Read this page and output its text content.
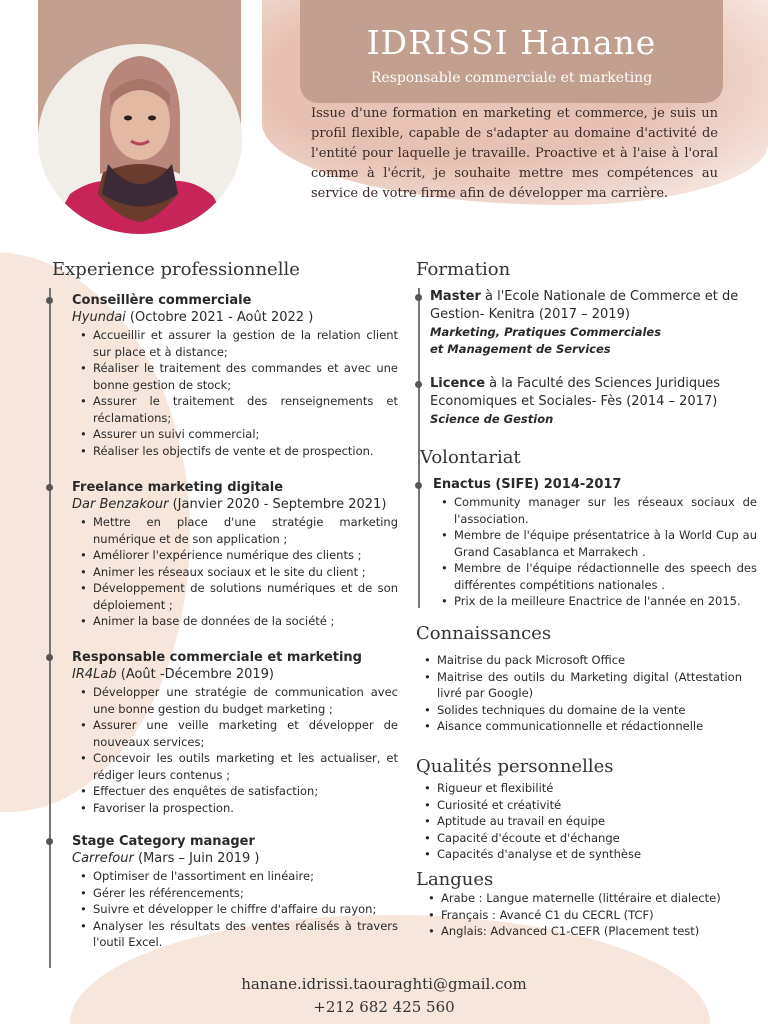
IDRISSI Hanane
Responsable commerciale et marketing
Issue d'une formation en marketing et commerce, je suis un profil flexible, capable de s'adapter au domaine d'activité de l'entité pour laquelle je travaille. Proactive et à l'aise à l'oral comme à l'écrit, je souhaite mettre mes compétences au service de votre firme afin de développer ma carrière.
Experience professionnelle
Conseillère commerciale
Hyundai (Octobre 2021 - Août 2022 )
• Accueillir et assurer la gestion de la relation client sur place et à distance;
• Réaliser le traitement des commandes et avec une bonne gestion de stock;
• Assurer le traitement des renseignements et réclamations;
• Assurer un suivi commercial;
• Réaliser les objectifs de vente et de prospection.
Freelance marketing digitale
Dar Benzakour (Janvier 2020 - Septembre 2021)
• Mettre en place d'une stratégie marketing numérique et de son application ;
• Améliorer l'expérience numérique des clients ;
• Animer les réseaux sociaux et le site du client ;
• Développement de solutions numériques et de son déploiement ;
• Animer la base de données de la société ;
Responsable commerciale et marketing
IR4Lab (Août -Décembre 2019)
• Développer une stratégie de communication avec une bonne gestion du budget marketing ;
• Assurer une veille marketing et développer de nouveaux services;
• Concevoir les outils marketing et les actualiser, et rédiger leurs contenus ;
• Effectuer des enquêtes de satisfaction;
• Favoriser la prospection.
Stage Category manager
Carrefour (Mars – Juin 2019 )
• Optimiser de l'assortiment en linéaire;
• Gérer les référencements;
• Suivre et développer le chiffre d'affaire du rayon;
• Analyser les résultats des ventes réalisés à travers l'outil Excel.
Formation
Master à l'Ecole Nationale de Commerce et de Gestion- Kenitra (2017 – 2019)
Marketing, Pratiques Commerciales et Management de Services
Licence à la Faculté des Sciences Juridiques Economiques et Sociales- Fès (2014 – 2017)
Science de Gestion
Volontariat
Enactus (SIFE) 2014-2017
• Community manager sur les réseaux sociaux de l'association.
• Membre de l'équipe présentatrice à la World Cup au Grand Casablanca et Marrakech .
• Membre de l'équipe rédactionnelle des speech des différentes compétitions nationales .
• Prix de la meilleure Enactrice de l'année en 2015.
Connaissances
• Maitrise du pack Microsoft Office
• Maitrise des outils du Marketing digital (Attestation livré par Google)
• Solides techniques du domaine de la vente
• Aisance communicationnelle et rédactionnelle
Qualités personnelles
• Rigueur et flexibilité
• Curiosité et créativité
• Aptitude au travail en équipe
• Capacité d'écoute et d'échange
• Capacités d'analyse et de synthèse
Langues
• Arabe : Langue maternelle (littéraire et dialecte)
• Français : Avancé C1 du CECRL (TCF)
• Anglais: Advanced C1-CEFR (Placement test)
hanane.idrissi.taouraghti@gmail.com
+212 682 425 560
